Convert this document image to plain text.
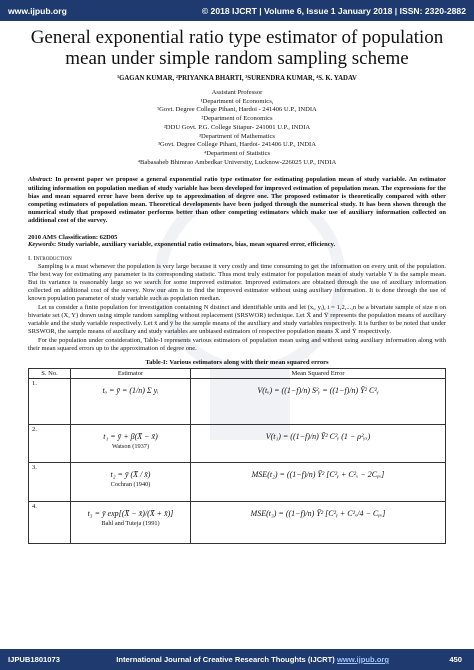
www.ijpub.org	© 2018 IJCRT | Volume 6, Issue 1 January 2018 | ISSN: 2320-2882
General exponential ratio type estimator of population mean under simple random sampling scheme
¹GAGAN KUMAR, ²PRIYANKA BHARTI, ³SURENDRA KUMAR, ⁴S. K. YADAV
Assistant Professor
¹Department of Economics,
¹Govt. Degree College Pihani, Hardoi - 241406 U.P., INDIA
²Department of Economics
²DDU Govt. P.G. College Sitapur- 241001 U.P., INDIA
³Department of Mathematics
³Govt. Degree College Pihani, Hardoi- 241406 U.P., INDIA
⁴Department of Statistics
⁴Babasaheb Bhimrao Ambedkar University, Lucknow-226025 U.P., INDIA
Abstract: In present paper we propose a general exponential ratio type estimator for estimating population mean of study variable. An estimator utilizing information on population median of study variable has been developed for improved estimation of population mean. The expressions for the bias and mean squared error have been derive up to approximation of degree one. The proposed estimator is theoretically compared with other competing estimators of population mean. Theoretical developments have been judged through the numerical study. It has been shown through the numerical study that proposed estimator performs better than other competing estimators which make use of auxiliary information collected on additional cost of the survey.
2010 AMS Classification: 62D05
Keywords: Study variable, auxiliary variable, exponential ratio estimators, bias, mean squared error, efficiency.
I. Introduction
Sampling is a must whenever the population is very large because it very costly and time consuming to get the information on every unit of the population. The best way for estimating any parameter is its corresponding statistic. Thus most truly estimator for population mean of study variable Y is the sample mean. But its variance is reasonably large so we search for some improved estimator. Improved estimators are obtained through the use of auxiliary information collected on additional cost of the survey. Now our aim is to find the improved estimator without using auxiliary information. It is done through the use of known population parameter of study variable such as population median.
Let us consider a finite population for investigation containing N distinct and identifiable units and let (xᵢ, yᵢ), i = 1,2,...,n be a bivariate sample of size n on bivariate set (X, Y) drawn using simple random sampling without replacement (SRSWOR) technique. Let X̄ and Ȳ represents the population means of auxiliary variable and the study variable respectively. Let x̄ and ȳ be the sample means of the auxiliary and study variables respectively. It is further to be noted that under SRSWOR, the sample means of auxiliary and study variables are unbiased estimators of respective population means X̄ and Ȳ respectively.
For the population under consideration, Table-I represents various estimators of population mean using and without using auxiliary information along with their mean squared errors up to the approximation of degree one.
Table-I: Various estimators along with their mean squared errors
S. No.	Estimator	Mean Squared Error
1.	tₒ = ȳ = (1/n) Σ yᵢ	V(tₒ) = ((1−f)/n) S²ᵧ = ((1−f)/n) Ȳ² C²ᵧ

2.	t₁ = ȳ + β(X̄ − x̄)
Watson (1937)	V(t₁) = ((1−f)/n) Ȳ² C²ᵧ (1 − ρ²ᵧₓ)

3.	t₂ = ȳ (X̄ / x̄)
Cochran (1940)	MSE(t₂) = ((1−f)/n) Ȳ² [C²ᵧ + C²ₓ − 2Cᵧₓ]

4.	t₃ = ȳ exp[(X̄ − x̄)/(X̄ + x̄)]
Bahl and Tuteja (1991)	MSE(t₃) = ((1−f)/n) Ȳ² [C²ᵧ + C²ₓ/4 − Cᵧₓ]
IJPUB1801073	International Journal of Creative Research Thoughts (IJCRT) www.ijpub.org	450
